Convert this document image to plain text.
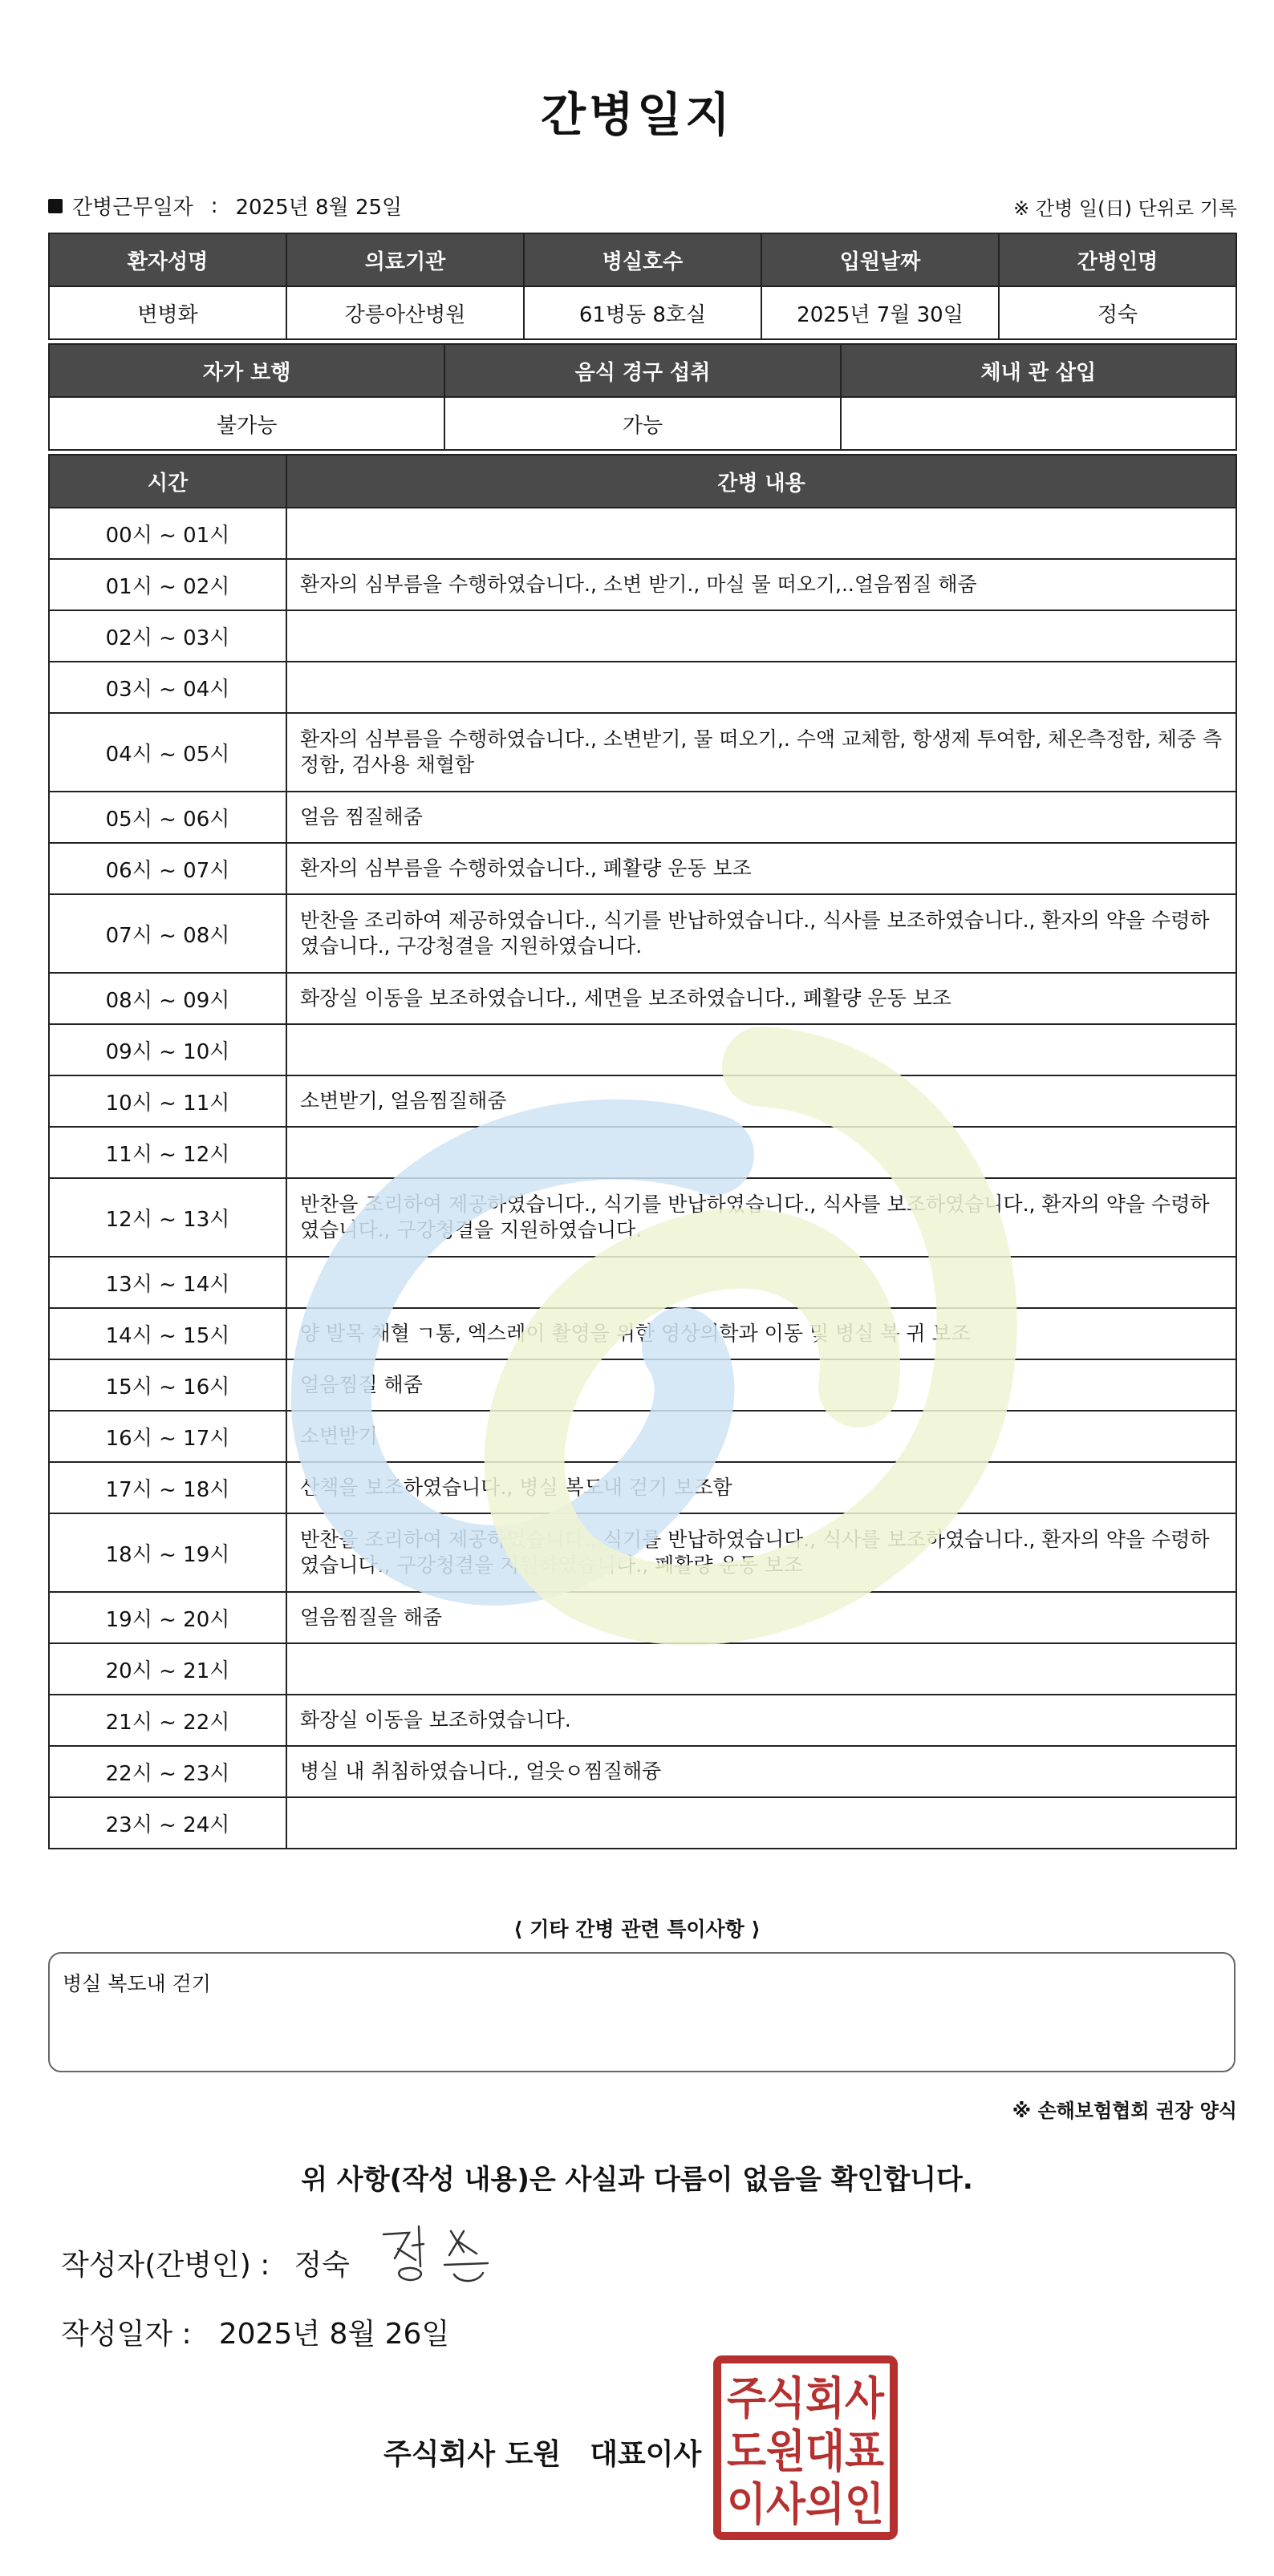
간병일지
간병근무일자 : 2025년 8월 25일	※ 간병 일(日) 단위로 기록
환자성명	의료기관	병실호수	입원날짜	간병인명
변병화	강릉아산병원	61병동 8호실	2025년 7월 30일	정숙
자가 보행	음식 경구 섭취	체내 관 삽입
불가능	가능	
시간	간병 내용
00시 ~ 01시	
01시 ~ 02시	환자의 심부름을 수행하였습니다., 소변 받기., 마실 물 떠오기,..얼음찜질 해줌
02시 ~ 03시	
03시 ~ 04시	
04시 ~ 05시	환자의 심부름을 수행하였습니다., 소변받기, 물 떠오기,. 수액 교체함, 항생제 투여함, 체온측정함, 체중 측정함, 검사용 채혈함
05시 ~ 06시	얼음 찜질해줌
06시 ~ 07시	환자의 심부름을 수행하였습니다., 폐활량 운동 보조
07시 ~ 08시	반찬을 조리하여 제공하였습니다., 식기를 반납하였습니다., 식사를 보조하였습니다., 환자의 약을 수령하였습니다., 구강청결을 지원하였습니다.
08시 ~ 09시	화장실 이동을 보조하였습니다., 세면을 보조하였습니다., 폐활량 운동 보조
09시 ~ 10시	
10시 ~ 11시	소변받기, 얼음찜질해줌
11시 ~ 12시	
12시 ~ 13시	반찬을 조리하여 제공하였습니다., 식기를 반납하였습니다., 식사를 보조하였습니다., 환자의 약을 수령하였습니다., 구강청결을 지원하였습니다.
13시 ~ 14시	
14시 ~ 15시	양 발목 채혈 ㄱ통, 엑스레이 촬영을 위한 영상의학과 이동 및 병실 복 귀 보조
15시 ~ 16시	얼음찜질 해줌
16시 ~ 17시	소변받기
17시 ~ 18시	산책을 보조하였습니다., 병실 복도내 걷기 보조함
18시 ~ 19시	반찬을 조리하여 제공하였습니다., 식기를 반납하였습니다., 식사를 보조하였습니다., 환자의 약을 수령하였습니다., 구강청결을 지원하였습니다., 폐활량 운동 보조
19시 ~ 20시	얼음찜질을 해줌
20시 ~ 21시	
21시 ~ 22시	화장실 이동을 보조하였습니다.
22시 ~ 23시	병실 내 취침하였습니다., 얼읏ㅇ찜질해즁
23시 ~ 24시	
⟨ 기타 간병 관련 특이사항 ⟩
병실 복도내 걷기
※ 손해보험협회 권장 양식
위 사항(작성 내용)은 사실과 다름이 없음을 확인합니다.
작성자(간병인) : 정숙
작성일자 : 2025년 8월 26일
주식회사 도원 대표이사
주식회사
도원대표
이사의인
